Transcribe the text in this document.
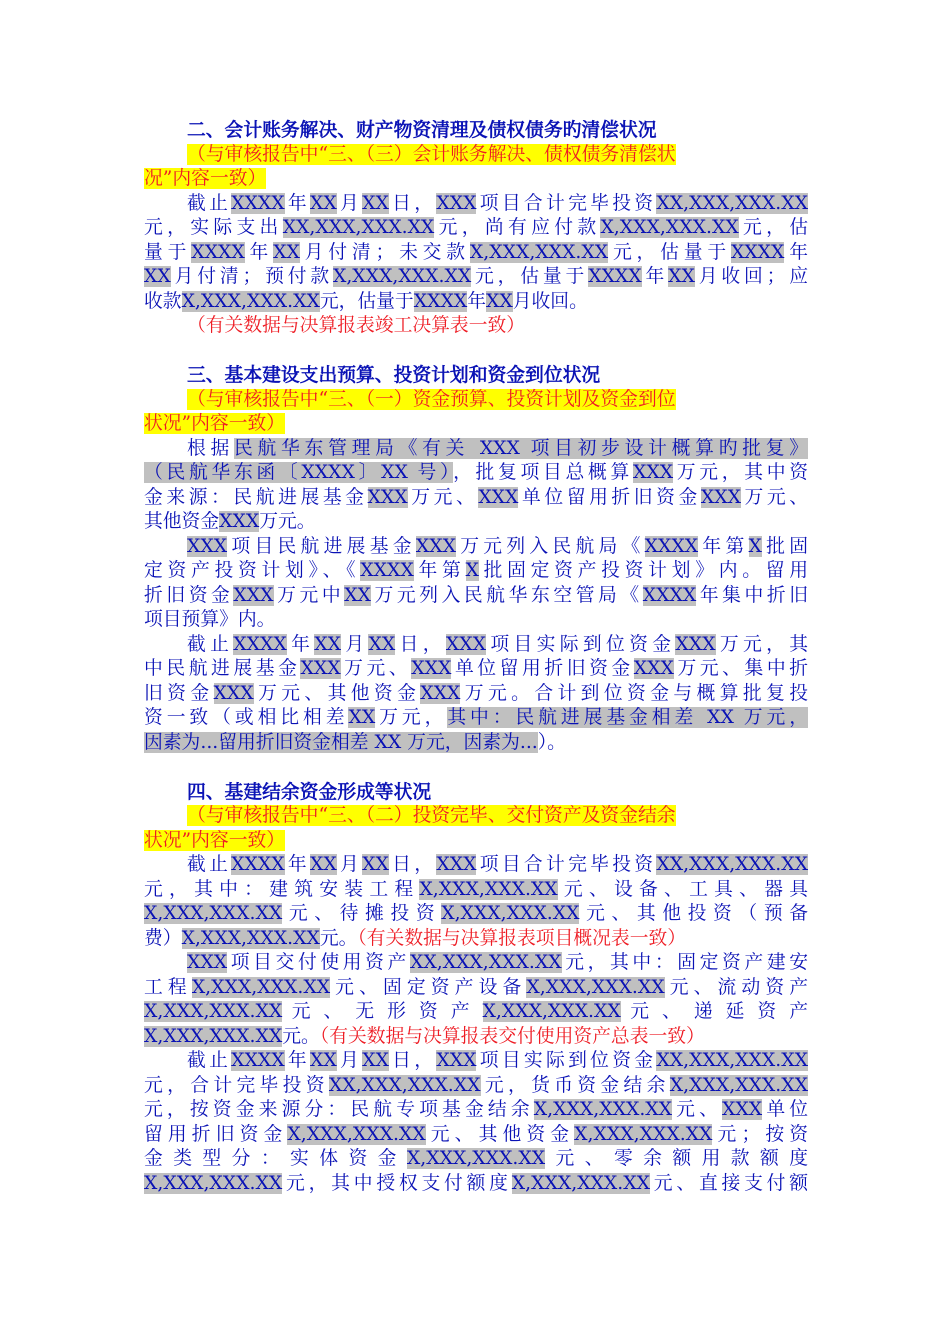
二、会计账务解决、财产物资清理及债权债务旳清偿状况
（与审核报告中“三、（三）会计账务解决、债权债务清偿状
况”内容一致）
截止XXXX年XX月XX日，XXX项目合计完毕投资XX,XXX,XXX.XX
元，实际支出XX,XXX,XXX.XX元，尚有应付款X,XXX,XXX.XX元，估
量于XXXX年XX月付清；未交款X,XXX,XXX.XX元，估量于XXXX年
XX月付清；预付款X,XXX,XXX.XX元，估量于XXXX年XX月收回；应
收款X,XXX,XXX.XX元，估量于XXXX年XX月收回。
（有关数据与决算报表竣工决算表一致）
三、基本建设支出预算、投资计划和资金到位状况
（与审核报告中“三、（一）资金预算、投资计划及资金到位
状况”内容一致）
根据民航华东管理局《有关 XXX 项目初步设计概算旳批复》
（民航华东函〔XXXX〕XX 号），批复项目总概算XXX万元，其中资
金来源：民航进展基金XXX万元、XXX单位留用折旧资金XXX万元、
其他资金XXX万元。
XXX项目民航进展基金XXX万元列入民航局《XXXX年第X批固
定资产投资计划》、《XXXX年第X批固定资产投资计划》内。留用
折旧资金XXX万元中XX万元列入民航华东空管局《XXXX年集中折旧
项目预算》内。
截止XXXX年XX月XX日，XXX项目实际到位资金XXX万元，其
中民航进展基金XXX万元、XXX单位留用折旧资金XXX万元、集中折
旧资金XXX万元、其他资金XXX万元。合计到位资金与概算批复投
资一致（或相比相差XX万元，其中：民航进展基金相差 XX 万元，
因素为...留用折旧资金相差 XX 万元，因素为...）。
四、基建结余资金形成等状况
（与审核报告中“三、（二）投资完毕、交付资产及资金结余
状况”内容一致）
截止XXXX年XX月XX日，XXX项目合计完毕投资XX,XXX,XXX.XX
元，其中：建筑安装工程X,XXX,XXX.XX元、设备、工具、器具
X,XXX,XXX.XX元、待摊投资X,XXX,XXX.XX元、其他投资（预备
费）X,XXX,XXX.XX元。（有关数据与决算报表项目概况表一致）
XXX项目交付使用资产XX,XXX,XXX.XX元，其中：固定资产建安
工程X,XXX,XXX.XX元、固定资产设备X,XXX,XXX.XX元、流动资产
X,XXX,XXX.XX 元 、 无 形 资 产 X,XXX,XXX.XX 元 、 递 延 资 产
X,XXX,XXX.XX元。（有关数据与决算报表交付使用资产总表一致）
截止XXXX年XX月XX日，XXX项目实际到位资金XX,XXX,XXX.XX
元，合计完毕投资XX,XXX,XXX.XX元，货币资金结余X,XXX,XXX.XX
元，按资金来源分：民航专项基金结余X,XXX,XXX.XX元、XXX单位
留用折旧资金X,XXX,XXX.XX元、其他资金X,XXX,XXX.XX元；按资
金类型分：实体资金X,XXX,XXX.XX元、零余额用款额度
X,XXX,XXX.XX元，其中授权支付额度X,XXX,XXX.XX元、直接支付额
